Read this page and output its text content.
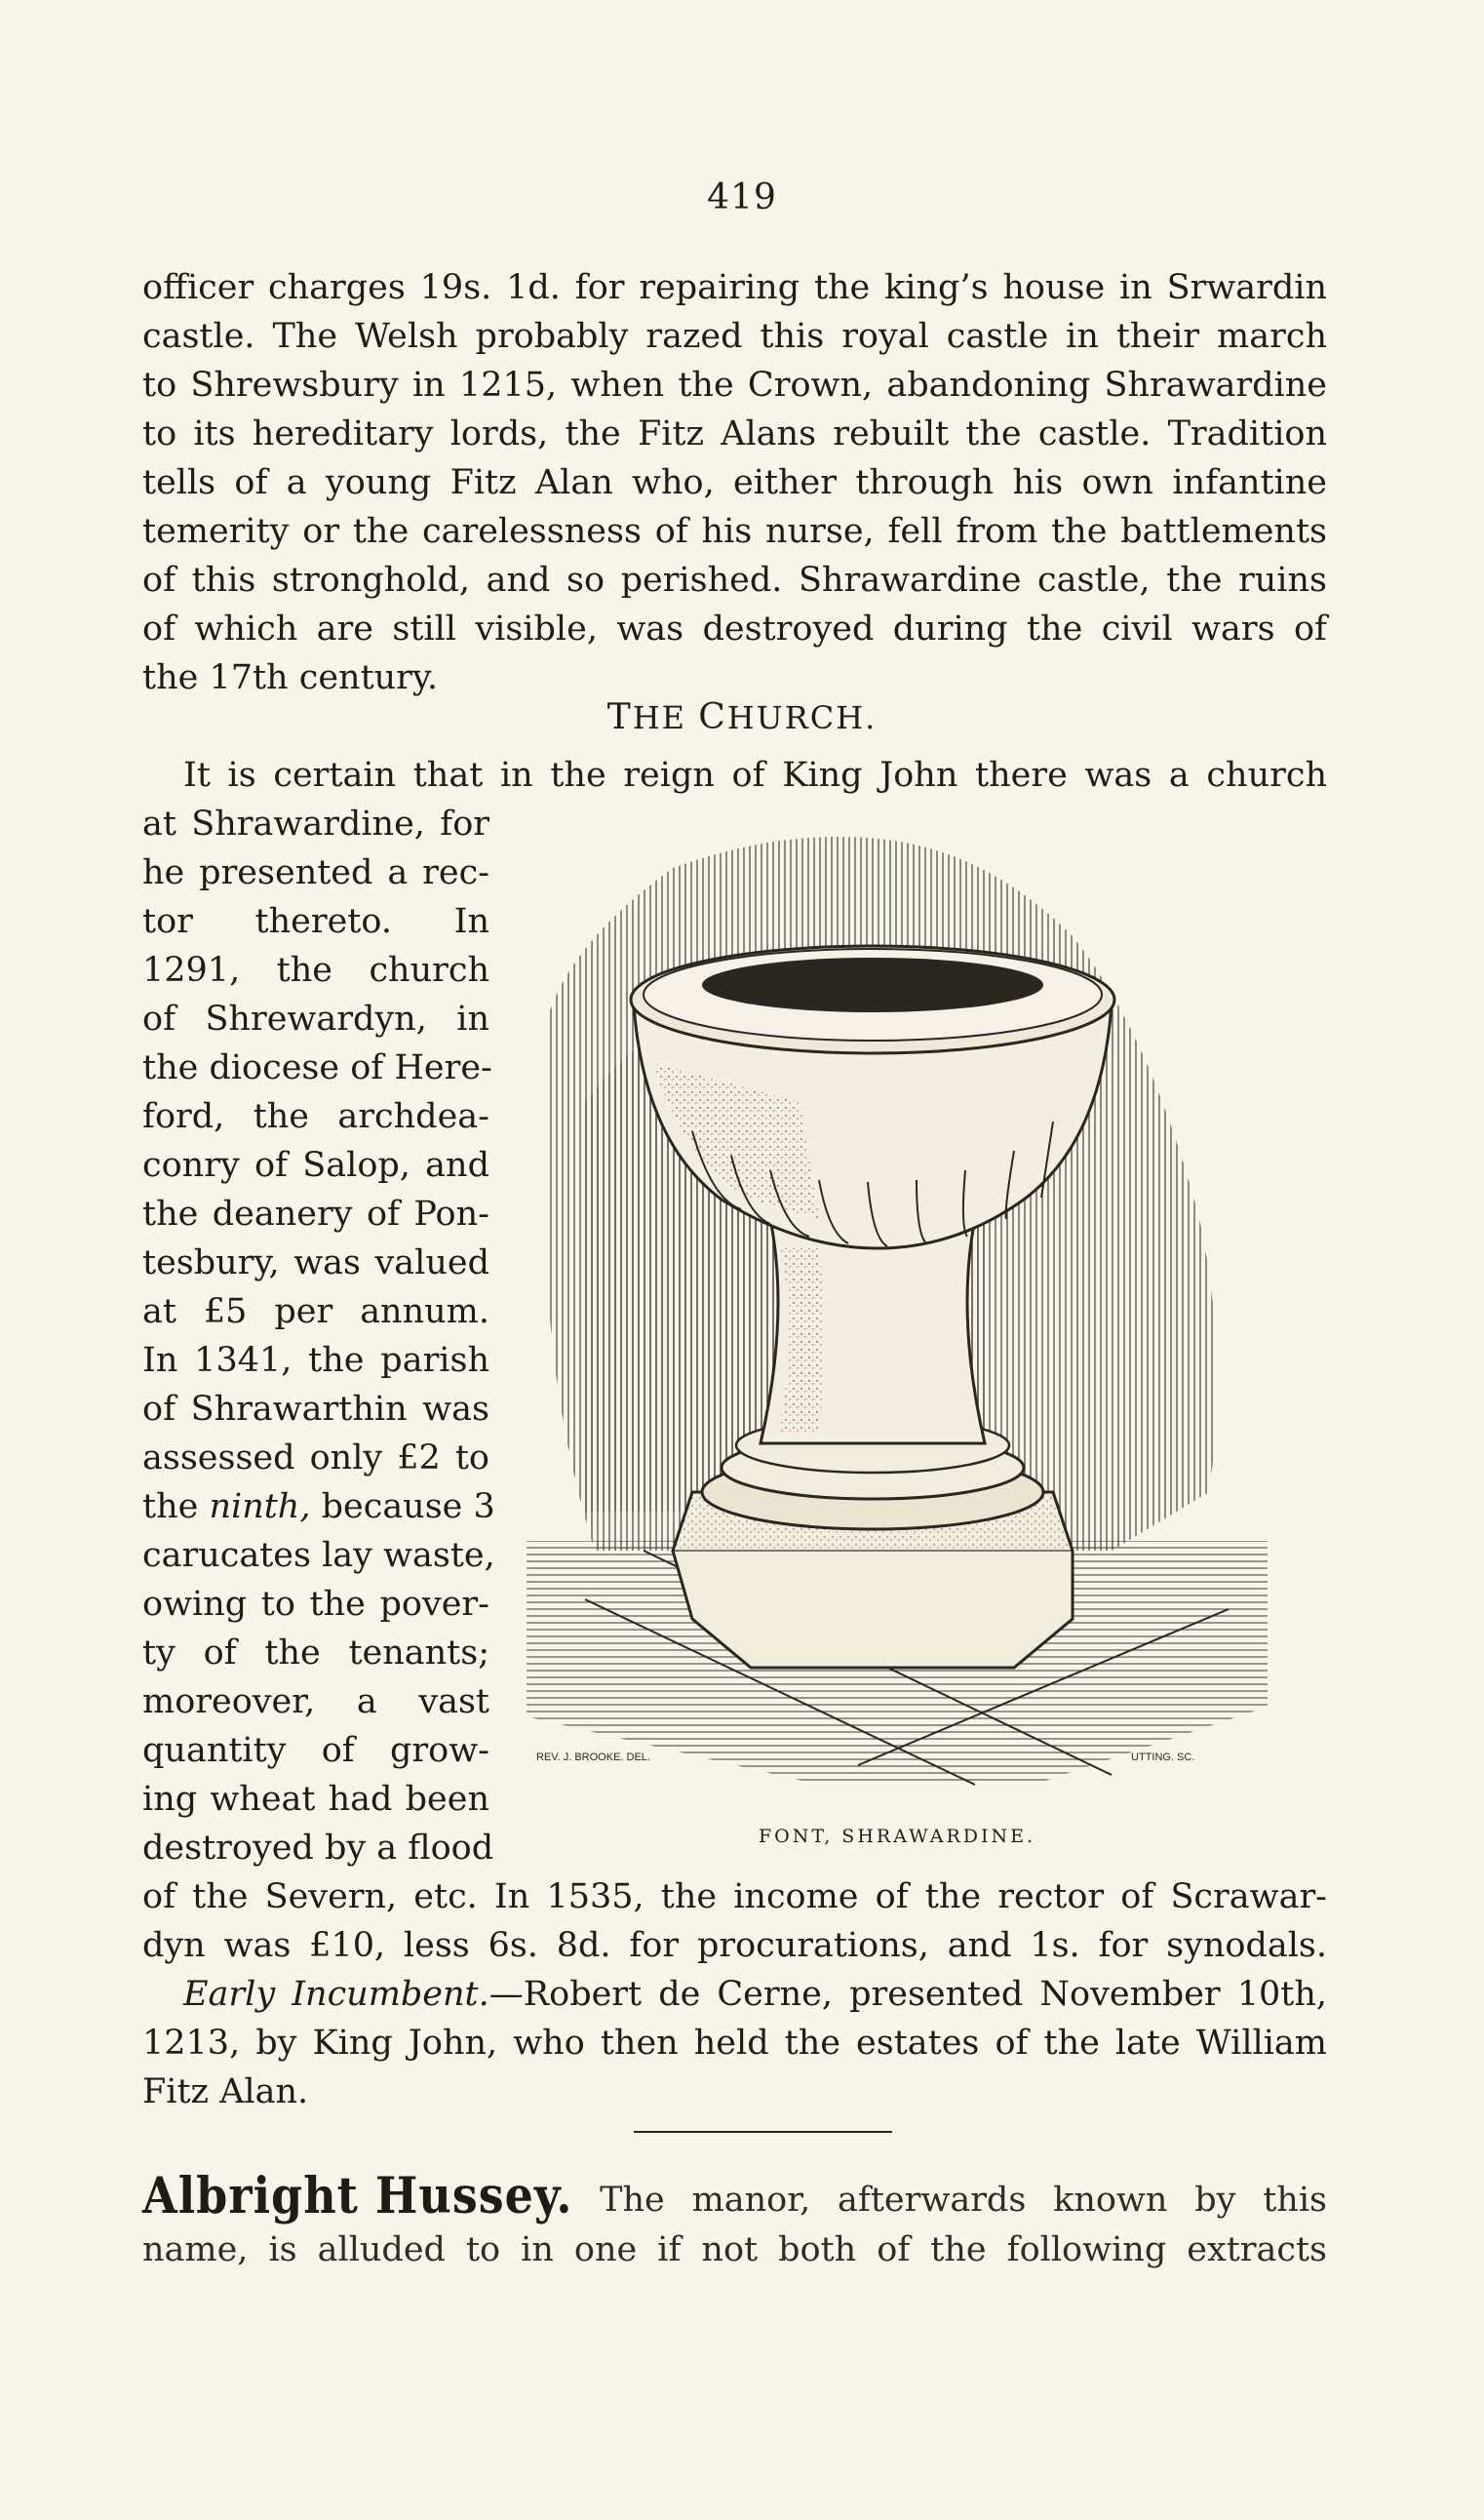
419
officer charges 19s. 1d. for repairing the king’s house in Srwardin
castle. The Welsh probably razed this royal castle in their march
to Shrewsbury in 1215, when the Crown, abandoning Shrawardine
to its hereditary lords, the Fitz Alans rebuilt the castle. Tradition
tells of a young Fitz Alan who, either through his own infantine
temerity or the carelessness of his nurse, fell from the battlements
of this stronghold, and so perished. Shrawardine castle, the ruins
of which are still visible, was destroyed during the civil wars of
the 17th century.
THE CHURCH.
It is certain that in the reign of King John there was a church
at Shrawardine, for
he presented a rec-
tor thereto. In
1291, the church
of Shrewardyn, in
the diocese of Here-
ford, the archdea-
conry of Salop, and
the deanery of Pon-
tesbury, was valued
at £5 per annum.
In 1341, the parish
of Shrawarthin was
assessed only £2 to
the ninth, because 3
carucates lay waste,
owing to the pover-
ty of the tenants;
moreover, a vast
quantity of grow-
ing wheat had been
destroyed by a flood
REV. J. BROOKE. DEL.	UTTING. SC.
FONT, SHRAWARDINE.
of the Severn, etc. In 1535, the income of the rector of Scrawar-
dyn was £10, less 6s. 8d. for procurations, and 1s. for synodals.
Early Incumbent.—Robert de Cerne, presented November 10th,
1213, by King John, who then held the estates of the late William
Fitz Alan.
Albright Hussey. The manor, afterwards known by this
name, is alluded to in one if not both of the following extracts
